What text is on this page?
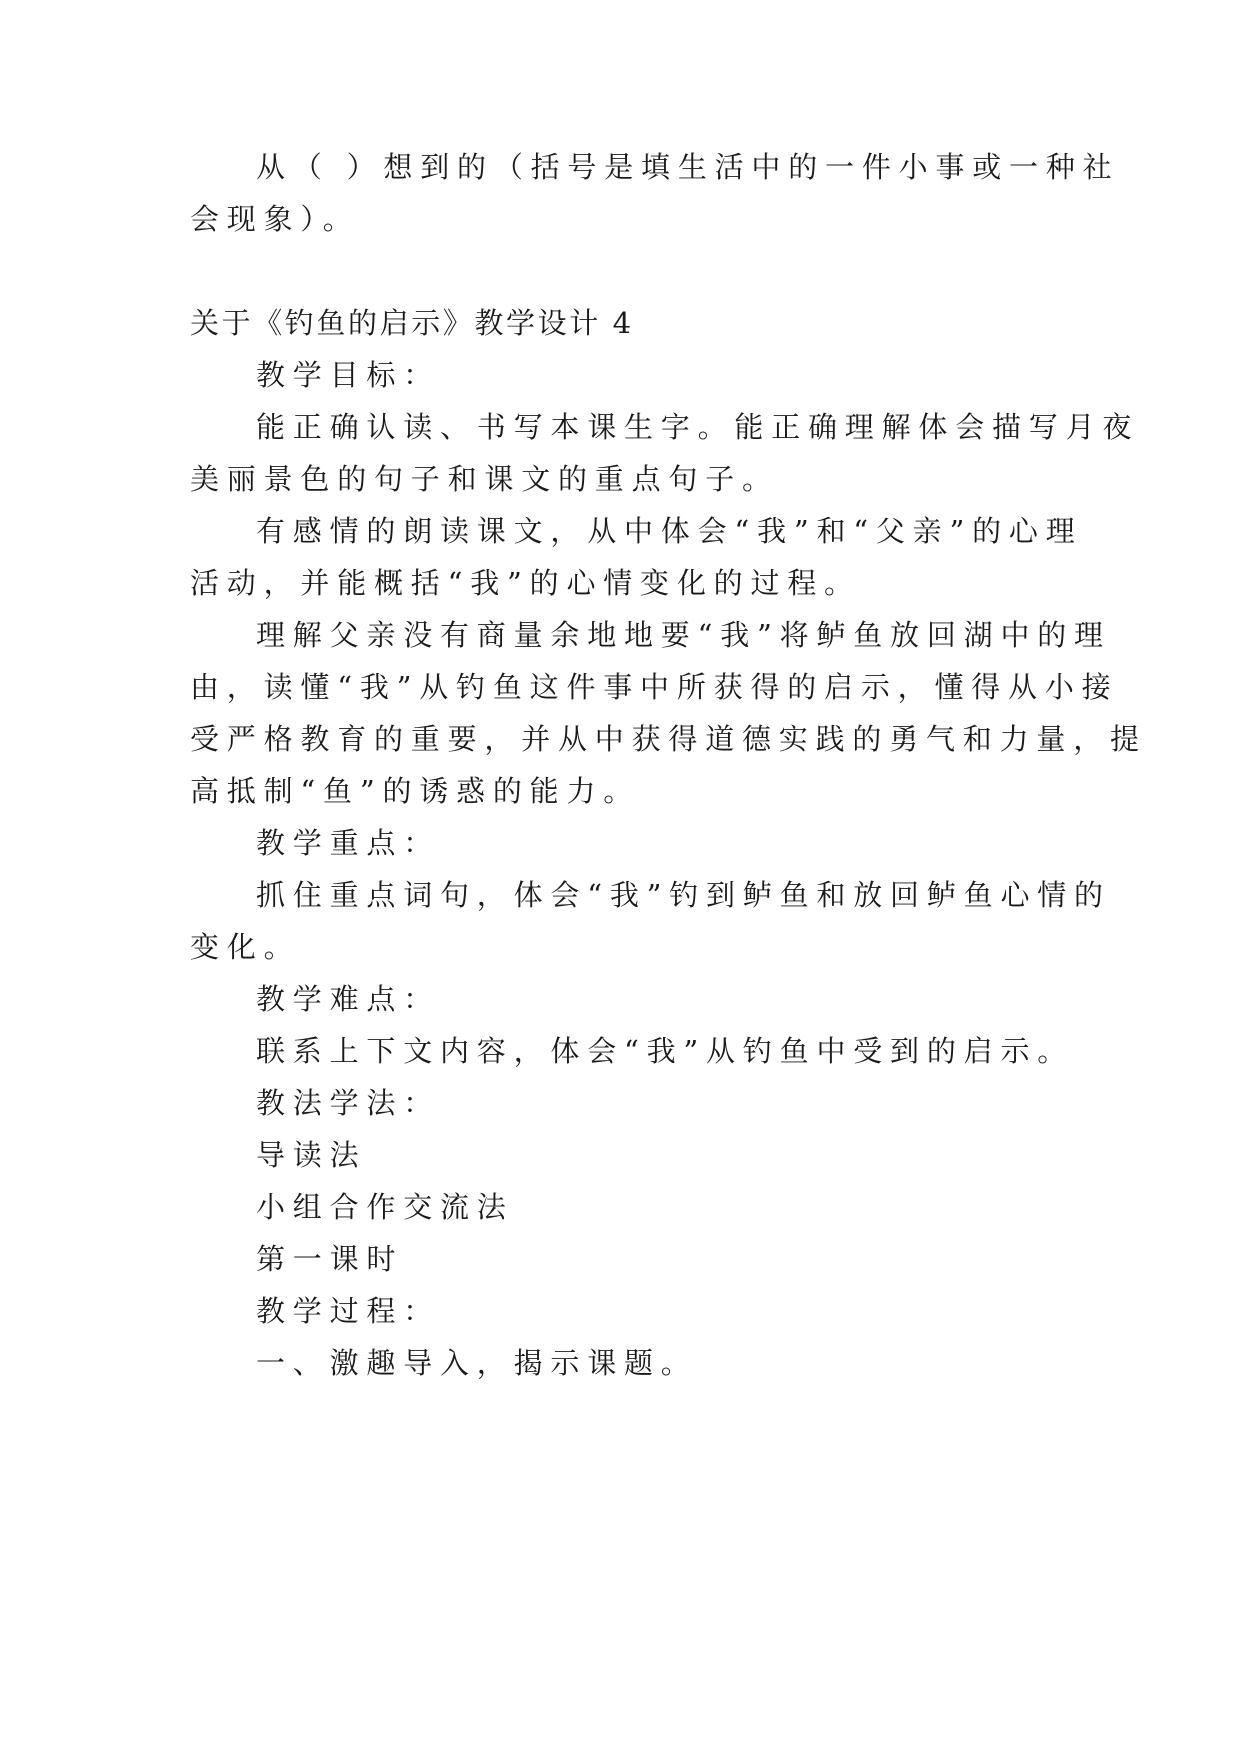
从（ ）想到的（括号是填生活中的一件小事或一种社

会现象）。

关于《钓鱼的启示》教学设计 4

教学目标：

能正确认读、书写本课生字。能正确理解体会描写月夜

美丽景色的句子和课文的重点句子。

有感情的朗读课文，从中体会“我”和“父亲”的心理

活动，并能概括“我”的心情变化的过程。

理解父亲没有商量余地地要“我”将鲈鱼放回湖中的理

由，读懂“我”从钓鱼这件事中所获得的启示，懂得从小接

受严格教育的重要，并从中获得道德实践的勇气和力量，提

高抵制“鱼”的诱惑的能力。

教学重点：

抓住重点词句，体会“我”钓到鲈鱼和放回鲈鱼心情的

变化。

教学难点：

联系上下文内容，体会“我”从钓鱼中受到的启示。

教法学法：

导读法

小组合作交流法

第一课时

教学过程：

一、激趣导入，揭示课题。
